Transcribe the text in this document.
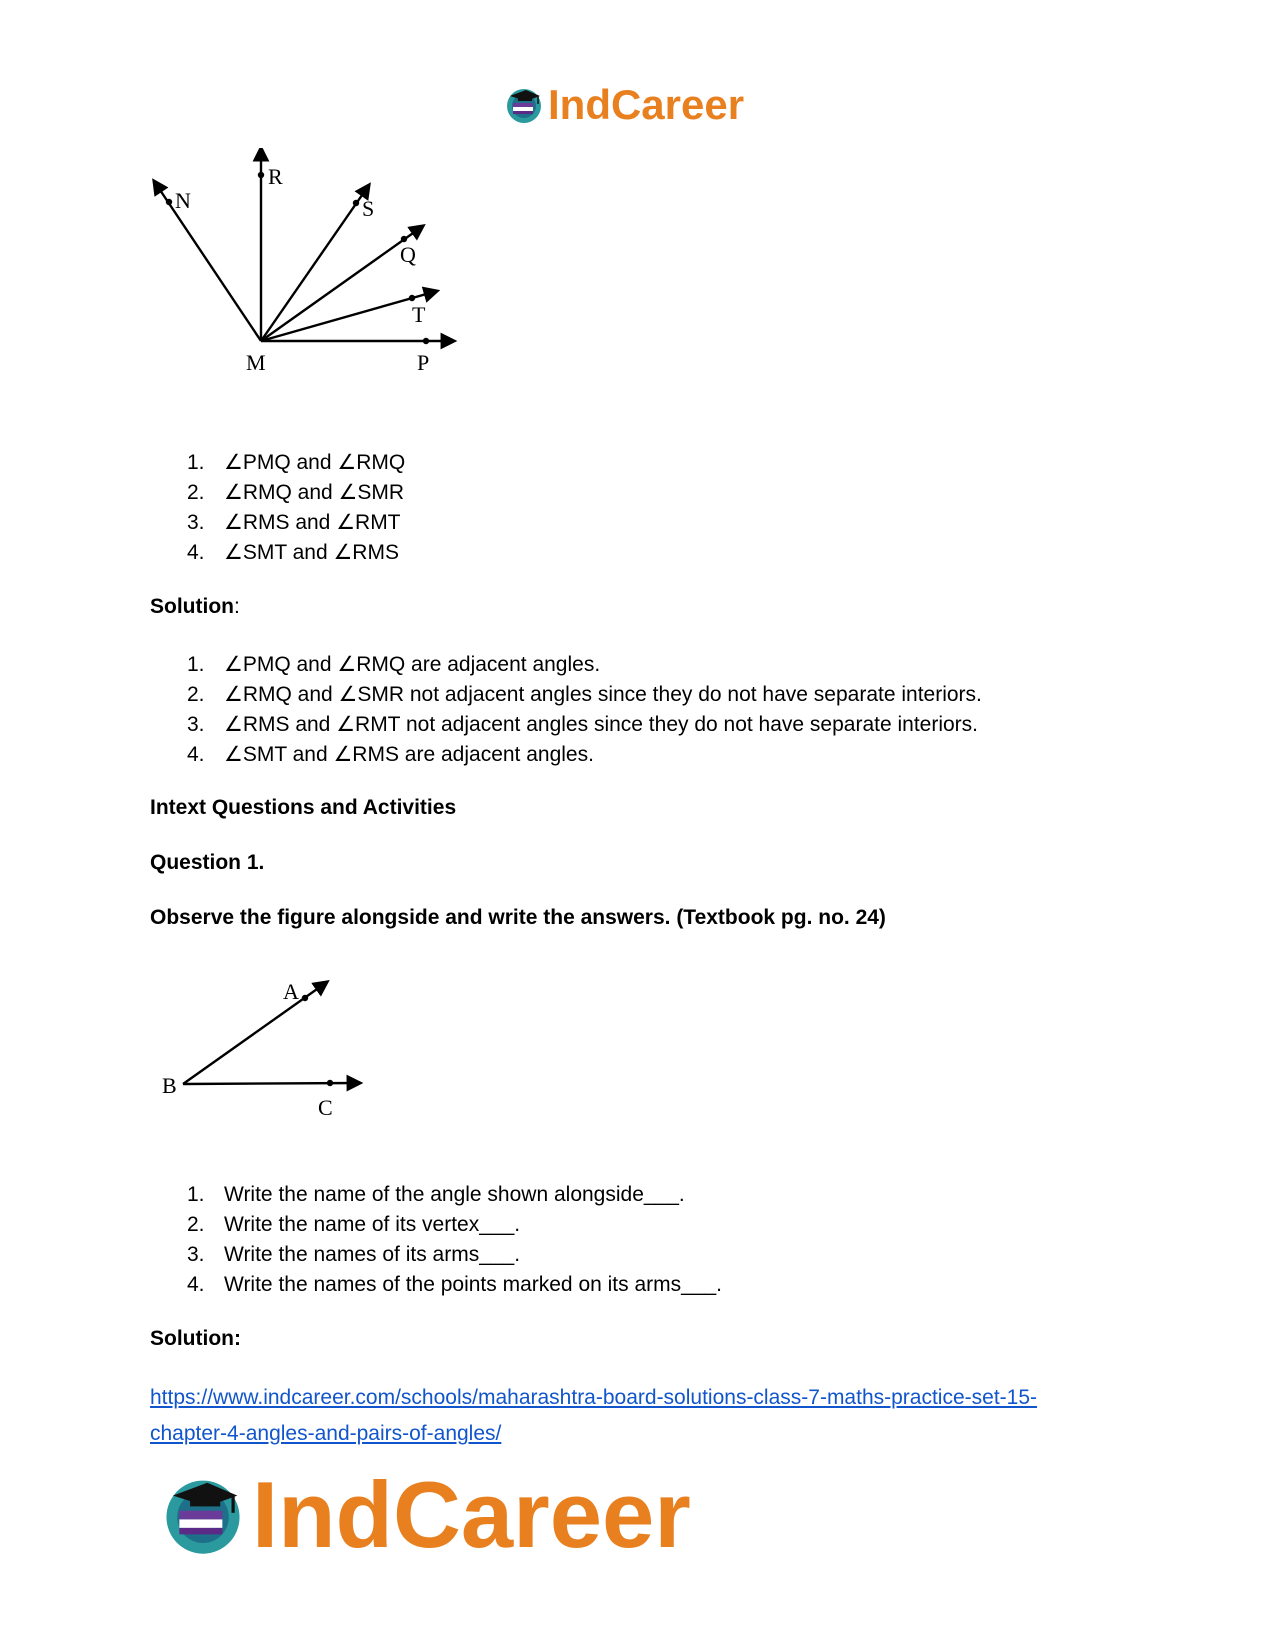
IndCareer
N
R
S
Q
T
M	P
1. ∠PMQ and ∠RMQ
2. ∠RMQ and ∠SMR
3. ∠RMS and ∠RMT
4. ∠SMT and ∠RMS
Solution:
1. ∠PMQ and ∠RMQ are adjacent angles.
2. ∠RMQ and ∠SMR not adjacent angles since they do not have separate interiors.
3. ∠RMS and ∠RMT not adjacent angles since they do not have separate interiors.
4. ∠SMT and ∠RMS are adjacent angles.
Intext Questions and Activities
Question 1.
Observe the figure alongside and write the answers. (Textbook pg. no. 24)
A
B
C
1. Write the name of the angle shown alongside___.
2. Write the name of its vertex___.
3. Write the names of its arms___.
4. Write the names of the points marked on its arms___.
Solution:
https://www.indcareer.com/schools/maharashtra-board-solutions-class-7-maths-practice-set-15-
chapter-4-angles-and-pairs-of-angles/
IndCareer
